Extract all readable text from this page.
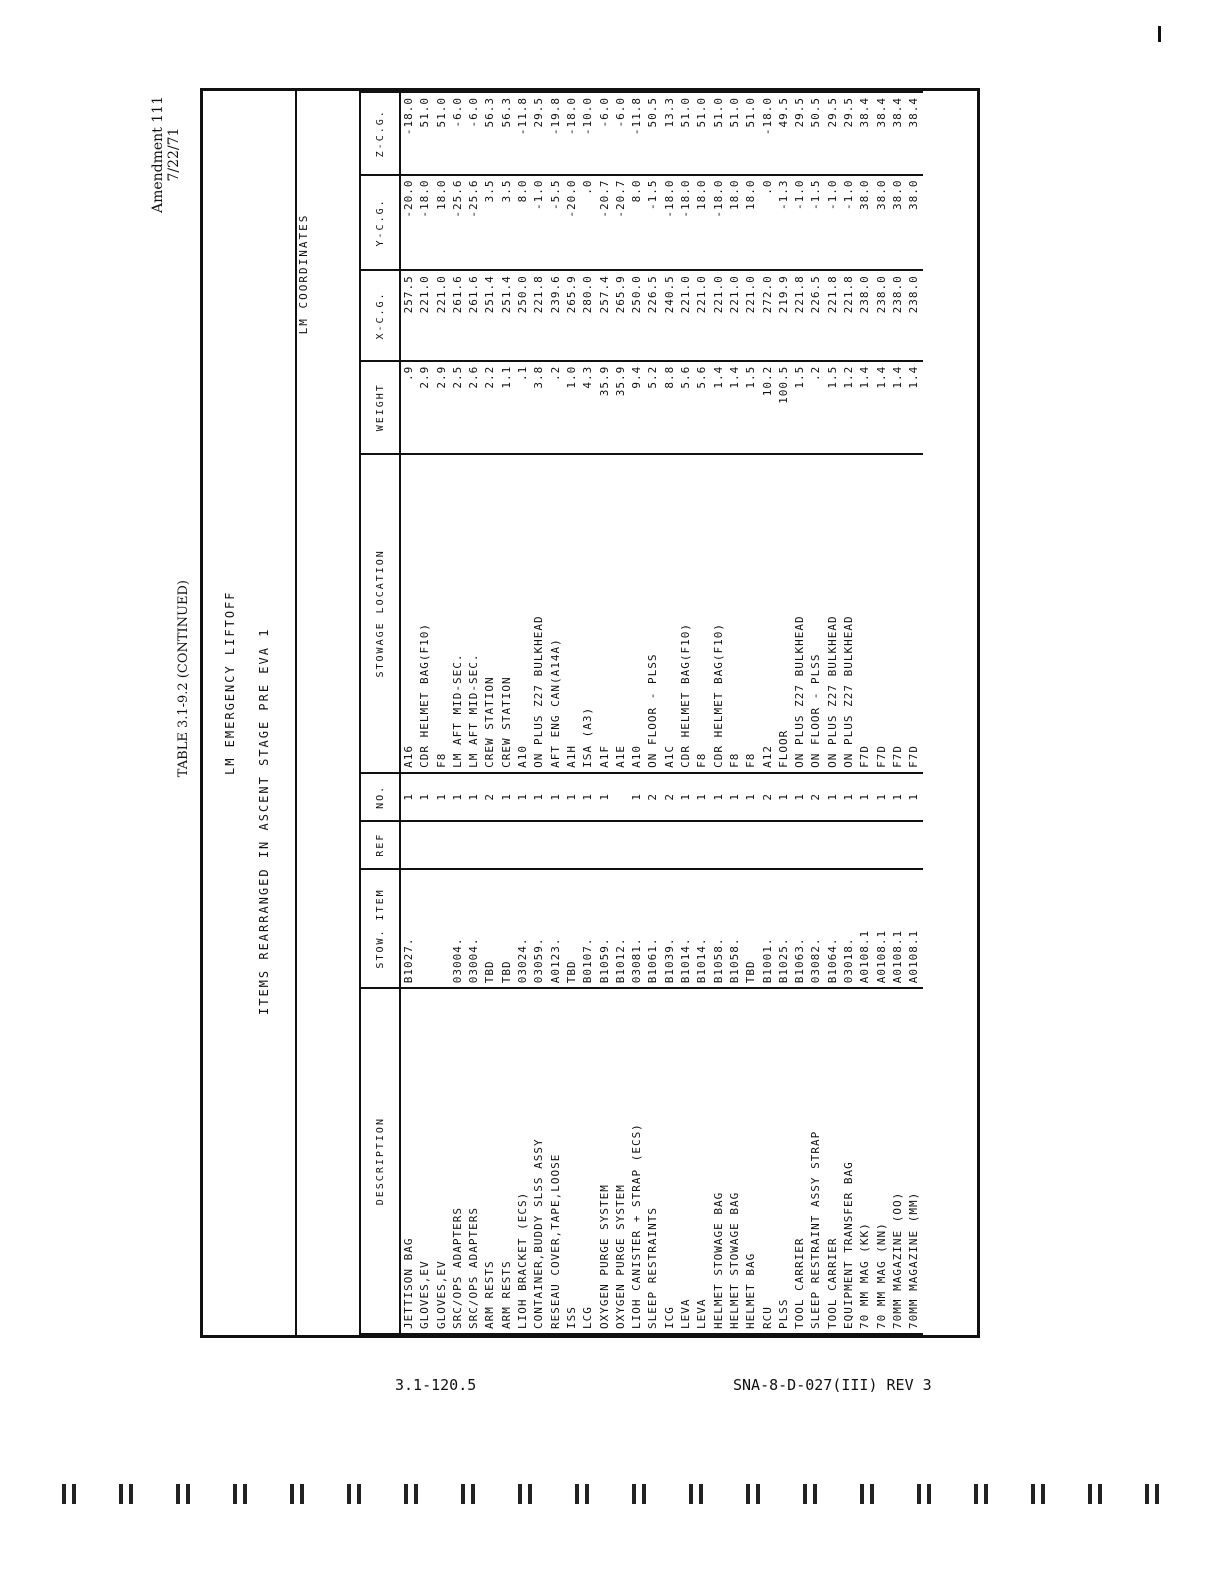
Amendment 111 7/22/71
TABLE 3.1-9.2 (CONTINUED)	LM EMERGENCY LIFTOFF ITEMS REARRANGED IN ASCENT STAGE PRE EVA 1
LM COORDINATES

DESCRIPTION	STOW. ITEM	REF	NO.	STOWAGE LOCATION	WEIGHT	X-C.G.	Y-C.G.	Z-C.G.
JETTISON BAG	B1027.		1	A16	.9	257.5	-20.0	-18.0
GLOVES,EV			1	CDR HELMET BAG(F10)	2.9	221.0	-18.0	51.0
GLOVES,EV			1	F8	2.9	221.0	18.0	51.0
SRC/OPS ADAPTERS	03004.		1	LM AFT MID-SEC.	2.5	261.6	-25.6	-6.0
SRC/OPS ADAPTERS	03004.		1	LM AFT MID-SEC.	2.6	261.6	-25.6	-6.0
ARM RESTS	TBD		2	CREW STATION	2.2	251.4	3.5	56.3
ARM RESTS	TBD		1	CREW STATION	1.1	251.4	3.5	56.3
LIOH BRACKET (ECS)	03024.		1	A10	.1	250.0	8.0	-11.8
CONTAINER,BUDDY SLSS ASSY	03059.		1	ON PLUS Z27 BULKHEAD	3.8	221.8	-1.0	29.5
RESEAU COVER,TAPE,LOOSE	A0123.		1	AFT ENG CAN(A14A)	.2	239.6	-5.5	-19.8
ISS	TBD		1	A1H	1.0	265.9	-20.0	-18.0
LCG	B0107.		1	ISA (A3)	4.3	280.0	.0	-10.0
OXYGEN PURGE SYSTEM	B1059.		1	A1F	35.9	257.4	-20.7	-6.0
OXYGEN PURGE SYSTEM	B1012.			A1E	35.9	265.9	-20.7	-6.0
LIOH CANISTER + STRAP (ECS)	03081.		1	A10	9.4	250.0	8.0	-11.8
SLEEP RESTRAINTS	B1061.		2	ON FLOOR - PLSS	5.2	226.5	-1.5	50.5
ICG	B1039.		2	A1C	8.8	240.5	-18.0	13.3
LEVA	B1014.		1	CDR HELMET BAG(F10)	5.6	221.0	-18.0	51.0
LEVA	B1014.		1	F8	5.6	221.0	18.0	51.0
HELMET STOWAGE BAG	B1058.		1	CDR HELMET BAG(F10)	1.4	221.0	-18.0	51.0
HELMET STOWAGE BAG	B1058.		1	F8	1.4	221.0	18.0	51.0
HELMET BAG	TBD		1	F8	1.5	221.0	18.0	51.0
RCU	B1001.		2	A12	10.2	272.0	.0	-18.0
PLSS	B1025.		1	FLOOR	100.5	219.9	-1.3	49.5
TOOL CARRIER	B1063.		1	ON PLUS Z27 BULKHEAD	1.5	221.8	-1.0	29.5
SLEEP RESTRAINT ASSY STRAP	03082.		2	ON FLOOR - PLSS	.2	226.5	-1.5	50.5
TOOL CARRIER	B1064.		1	ON PLUS Z27 BULKHEAD	1.5	221.8	-1.0	29.5
EQUIPMENT TRANSFER BAG	03018.		1	ON PLUS Z27 BULKHEAD	1.2	221.8	-1.0	29.5
70 MM MAG (KK)	A0108.1		1	F7D	1.4	238.0	38.0	38.4
70 MM MAG (NN)	A0108.1		1	F7D	1.4	238.0	38.0	38.4
70MM MAGAZINE (OO)	A0108.1		1	F7D	1.4	238.0	38.0	38.4
70MM MAGAZINE (MM)	A0108.1		1	F7D	1.4	238.0	38.0	38.4
3.1-120.5	SNA-8-D-027(III) REV 3
